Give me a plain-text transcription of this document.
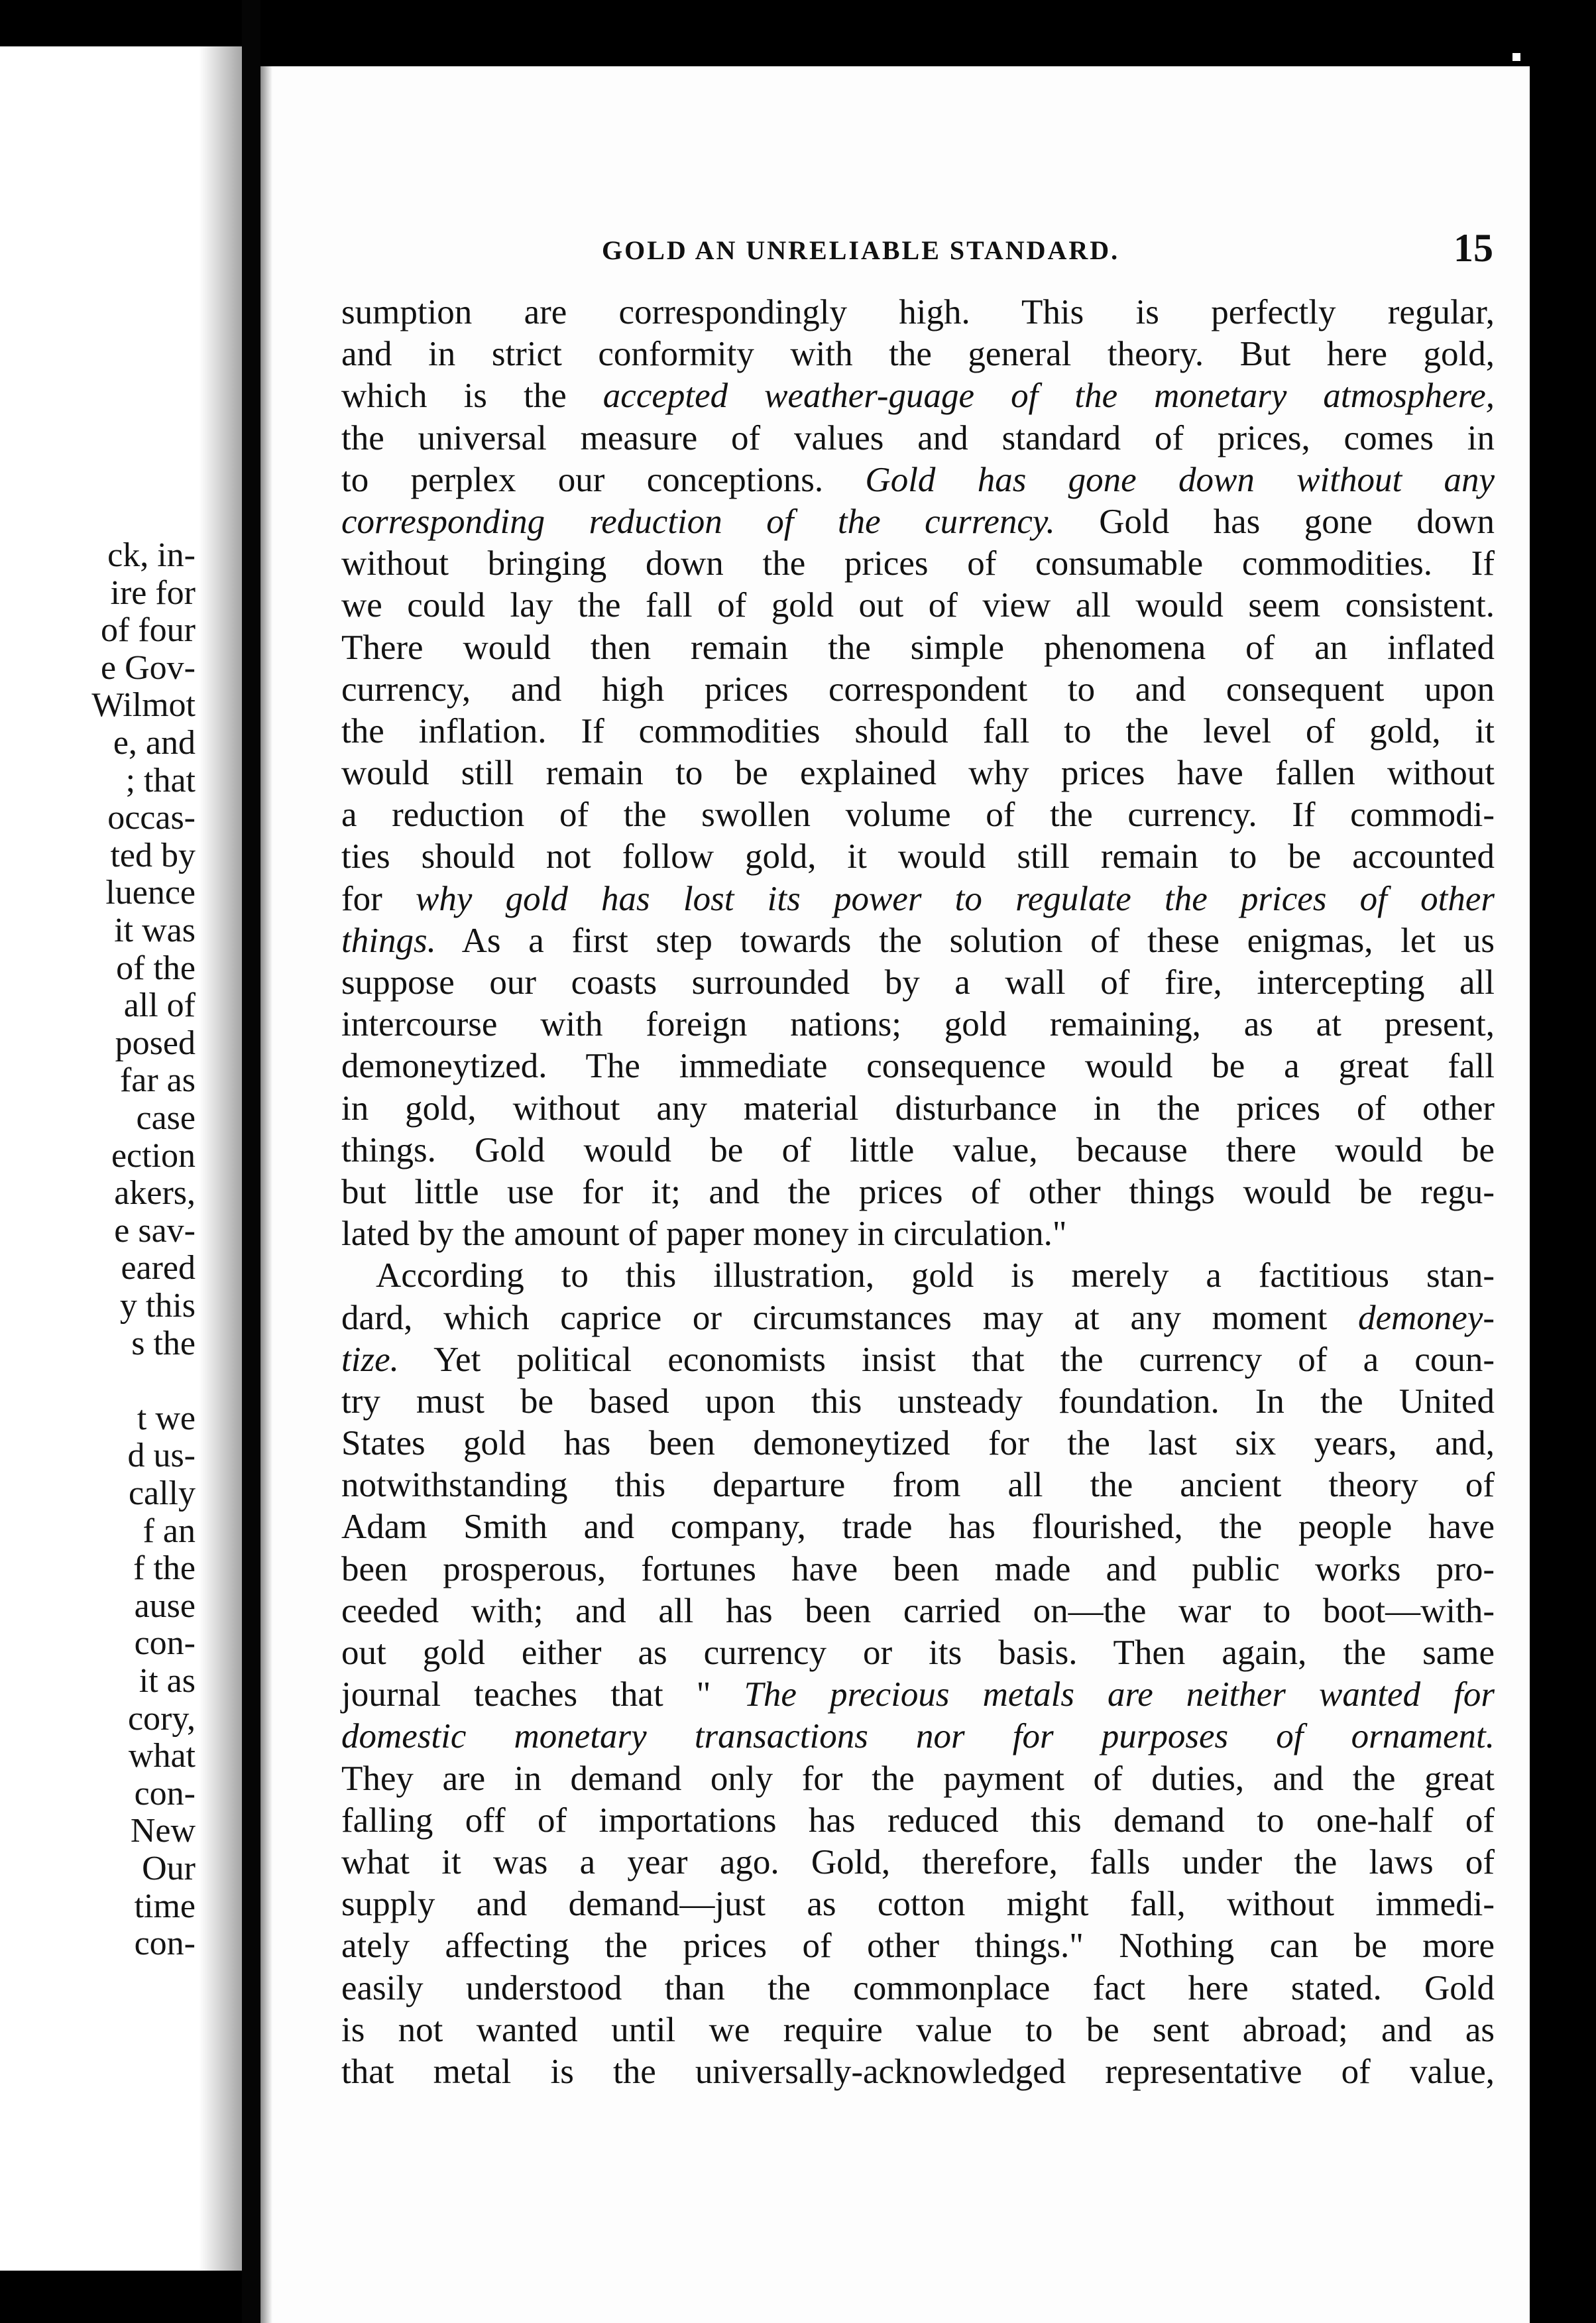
ck, in-
ire for
of four
e Gov-
Wilmot
e, and
; that
occas-
ted by
luence
it was
of the
all of
posed
far as
case
ection
akers,
e sav-
eared
y this
s the
t we
d us-
cally
f an
f the
ause
con-
it as
cory,
what
con-
New
Our
time
con-
GOLD AN UNRELIABLE STANDARD.	15
sumption are correspondingly high. This is perfectly regular,
and in strict conformity with the general theory. But here gold,
which is the accepted weather-guage of the monetary atmosphere,
the universal measure of values and standard of prices, comes in
to perplex our conceptions. Gold has gone down without any
corresponding reduction of the currency. Gold has gone down
without bringing down the prices of consumable commodities. If
we could lay the fall of gold out of view all would seem consistent.
There would then remain the simple phenomena of an inflated
currency, and high prices correspondent to and consequent upon
the inflation. If commodities should fall to the level of gold, it
would still remain to be explained why prices have fallen without
a reduction of the swollen volume of the currency. If commodi-
ties should not follow gold, it would still remain to be accounted
for why gold has lost its power to regulate the prices of other
things. As a first step towards the solution of these enigmas, let us
suppose our coasts surrounded by a wall of fire, intercepting all
intercourse with foreign nations; gold remaining, as at present,
demoneytized. The immediate consequence would be a great fall
in gold, without any material disturbance in the prices of other
things. Gold would be of little value, because there would be
but little use for it; and the prices of other things would be regu-
lated by the amount of paper money in circulation."
According to this illustration, gold is merely a factitious stan-
dard, which caprice or circumstances may at any moment demoney-
tize. Yet political economists insist that the currency of a coun-
try must be based upon this unsteady foundation. In the United
States gold has been demoneytized for the last six years, and,
notwithstanding this departure from all the ancient theory of
Adam Smith and company, trade has flourished, the people have
been prosperous, fortunes have been made and public works pro-
ceeded with; and all has been carried on—the war to boot—with-
out gold either as currency or its basis. Then again, the same
journal teaches that " The precious metals are neither wanted for
domestic monetary transactions nor for purposes of ornament.
They are in demand only for the payment of duties, and the great
falling off of importations has reduced this demand to one-half of
what it was a year ago. Gold, therefore, falls under the laws of
supply and demand—just as cotton might fall, without immedi-
ately affecting the prices of other things." Nothing can be more
easily understood than the commonplace fact here stated. Gold
is not wanted until we require value to be sent abroad; and as
that metal is the universally-acknowledged representative of value,
